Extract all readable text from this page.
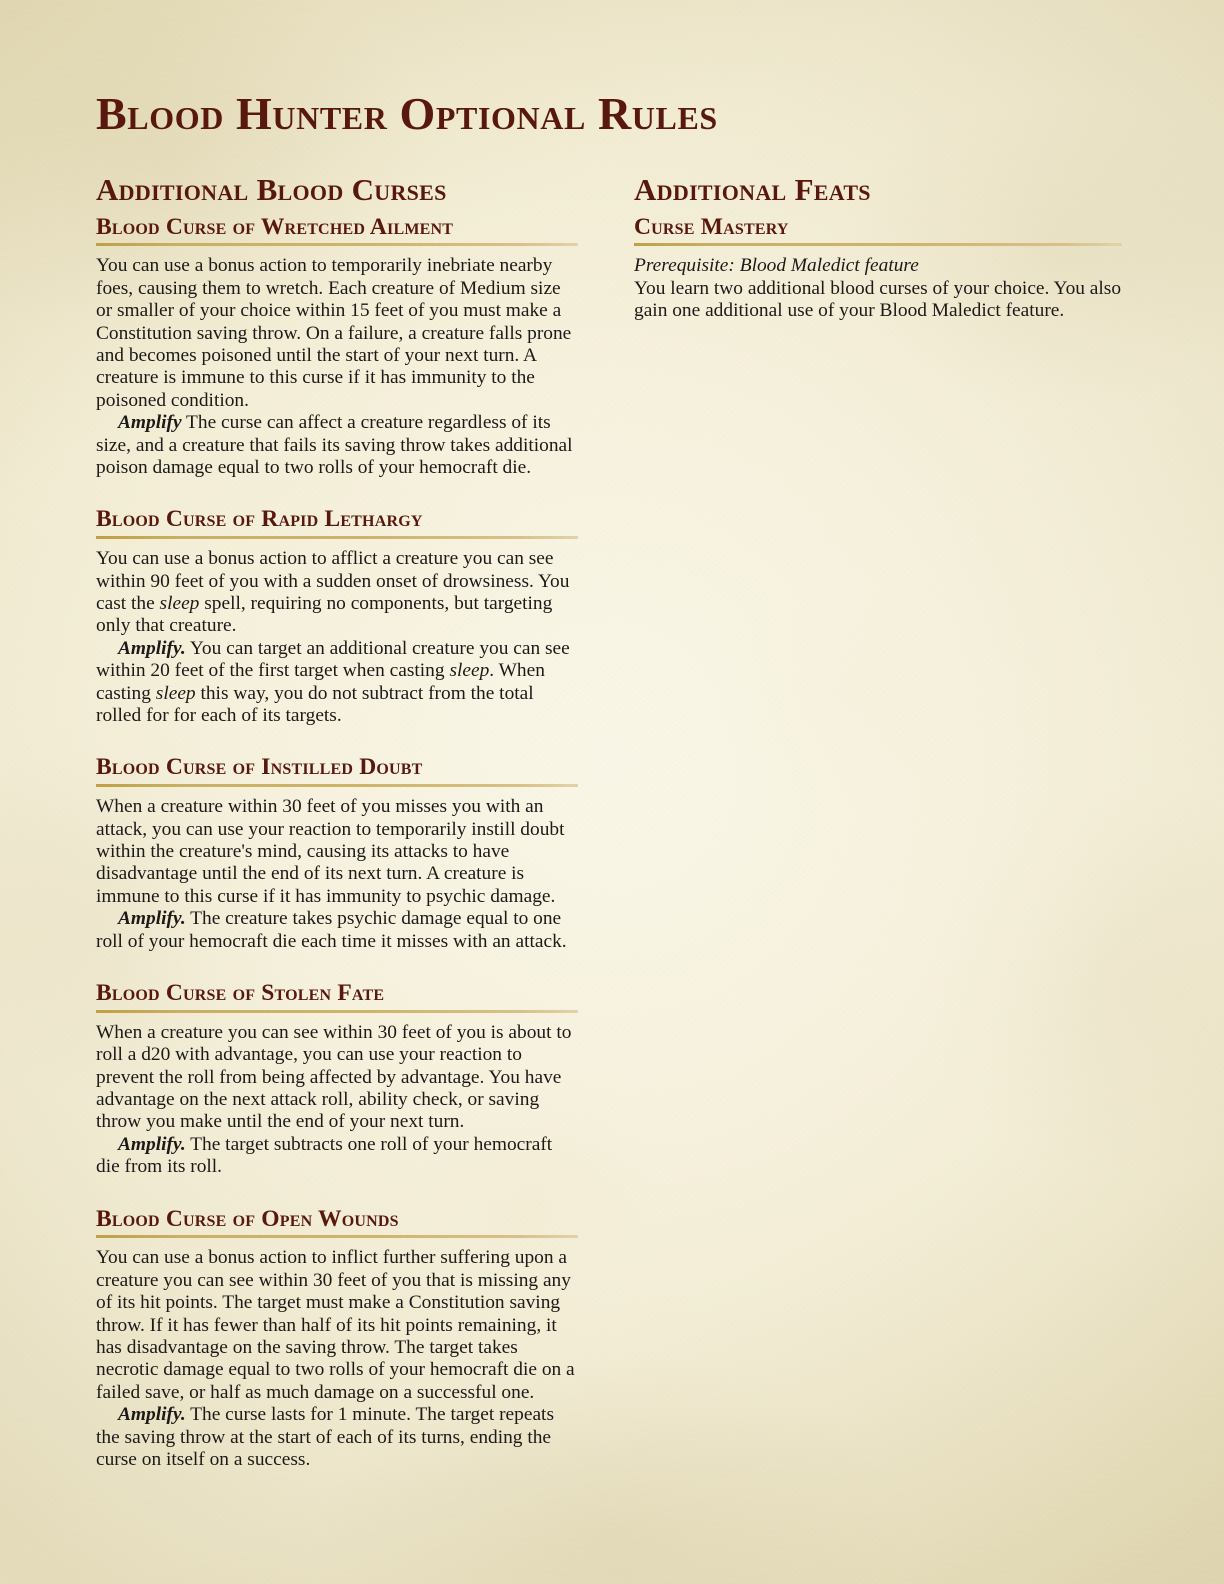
Blood Hunter Optional Rules
Additional Blood Curses
Blood Curse of Wretched Ailment

You can use a bonus action to temporarily inebriate nearby foes, causing them to wretch. Each creature of Medium size or smaller of your choice within 15 feet of you must make a Constitution saving throw. On a failure, a creature falls prone and becomes poisoned until the start of your next turn. A creature is immune to this curse if it has immunity to the poisoned condition.

Amplify The curse can affect a creature regardless of its size, and a creature that fails its saving throw takes additional poison damage equal to two rolls of your hemocraft die.

Blood Curse of Rapid Lethargy

You can use a bonus action to afflict a creature you can see within 90 feet of you with a sudden onset of drowsiness. You cast the sleep spell, requiring no components, but targeting only that creature.

Amplify. You can target an additional creature you can see within 20 feet of the first target when casting sleep. When casting sleep this way, you do not subtract from the total rolled for for each of its targets.

Blood Curse of Instilled Doubt

When a creature within 30 feet of you misses you with an attack, you can use your reaction to temporarily instill doubt within the creature's mind, causing its attacks to have disadvantage until the end of its next turn. A creature is immune to this curse if it has immunity to psychic damage.

Amplify. The creature takes psychic damage equal to one roll of your hemocraft die each time it misses with an attack.

Blood Curse of Stolen Fate

When a creature you can see within 30 feet of you is about to roll a d20 with advantage, you can use your reaction to prevent the roll from being affected by advantage. You have advantage on the next attack roll, ability check, or saving throw you make until the end of your next turn.

Amplify. The target subtracts one roll of your hemocraft die from its roll.

Blood Curse of Open Wounds

You can use a bonus action to inflict further suffering upon a creature you can see within 30 feet of you that is missing any of its hit points. The target must make a Constitution saving throw. If it has fewer than half of its hit points remaining, it has disadvantage on the saving throw. The target takes necrotic damage equal to two rolls of your hemocraft die on a failed save, or half as much damage on a successful one.

Amplify. The curse lasts for 1 minute. The target repeats the saving throw at the start of each of its turns, ending the curse on itself on a success.

Additional Feats
Curse Mastery

Prerequisite: Blood Maledict feature

You learn two additional blood curses of your choice. You also gain one additional use of your Blood Maledict feature.
